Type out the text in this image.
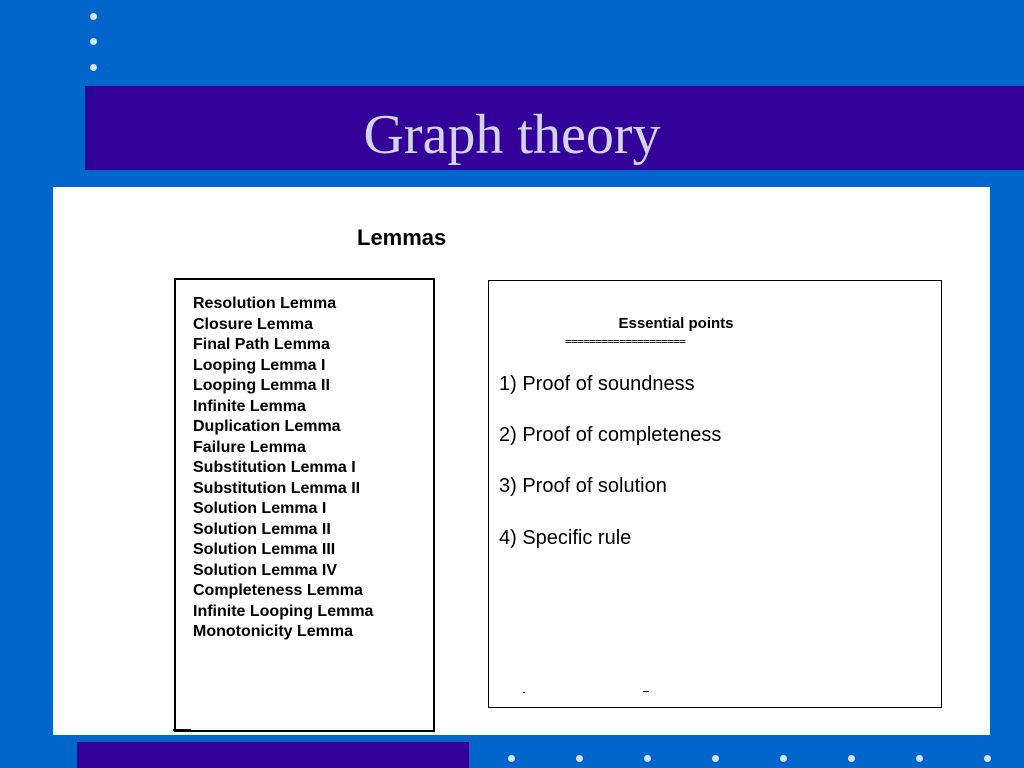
Graph theory
Lemmas
Resolution Lemma
Closure Lemma
Final Path Lemma
Looping Lemma I
Looping Lemma II
Infinite Lemma
Duplication Lemma
Failure Lemma
Substitution Lemma I
Substitution Lemma II
Solution Lemma I
Solution Lemma II
Solution Lemma III
Solution Lemma IV
Completeness Lemma
Infinite Looping Lemma
Monotonicity Lemma
Essential points
====================
1) Proof of soundness
2) Proof of completeness
3) Proof of solution
4) Specific rule
